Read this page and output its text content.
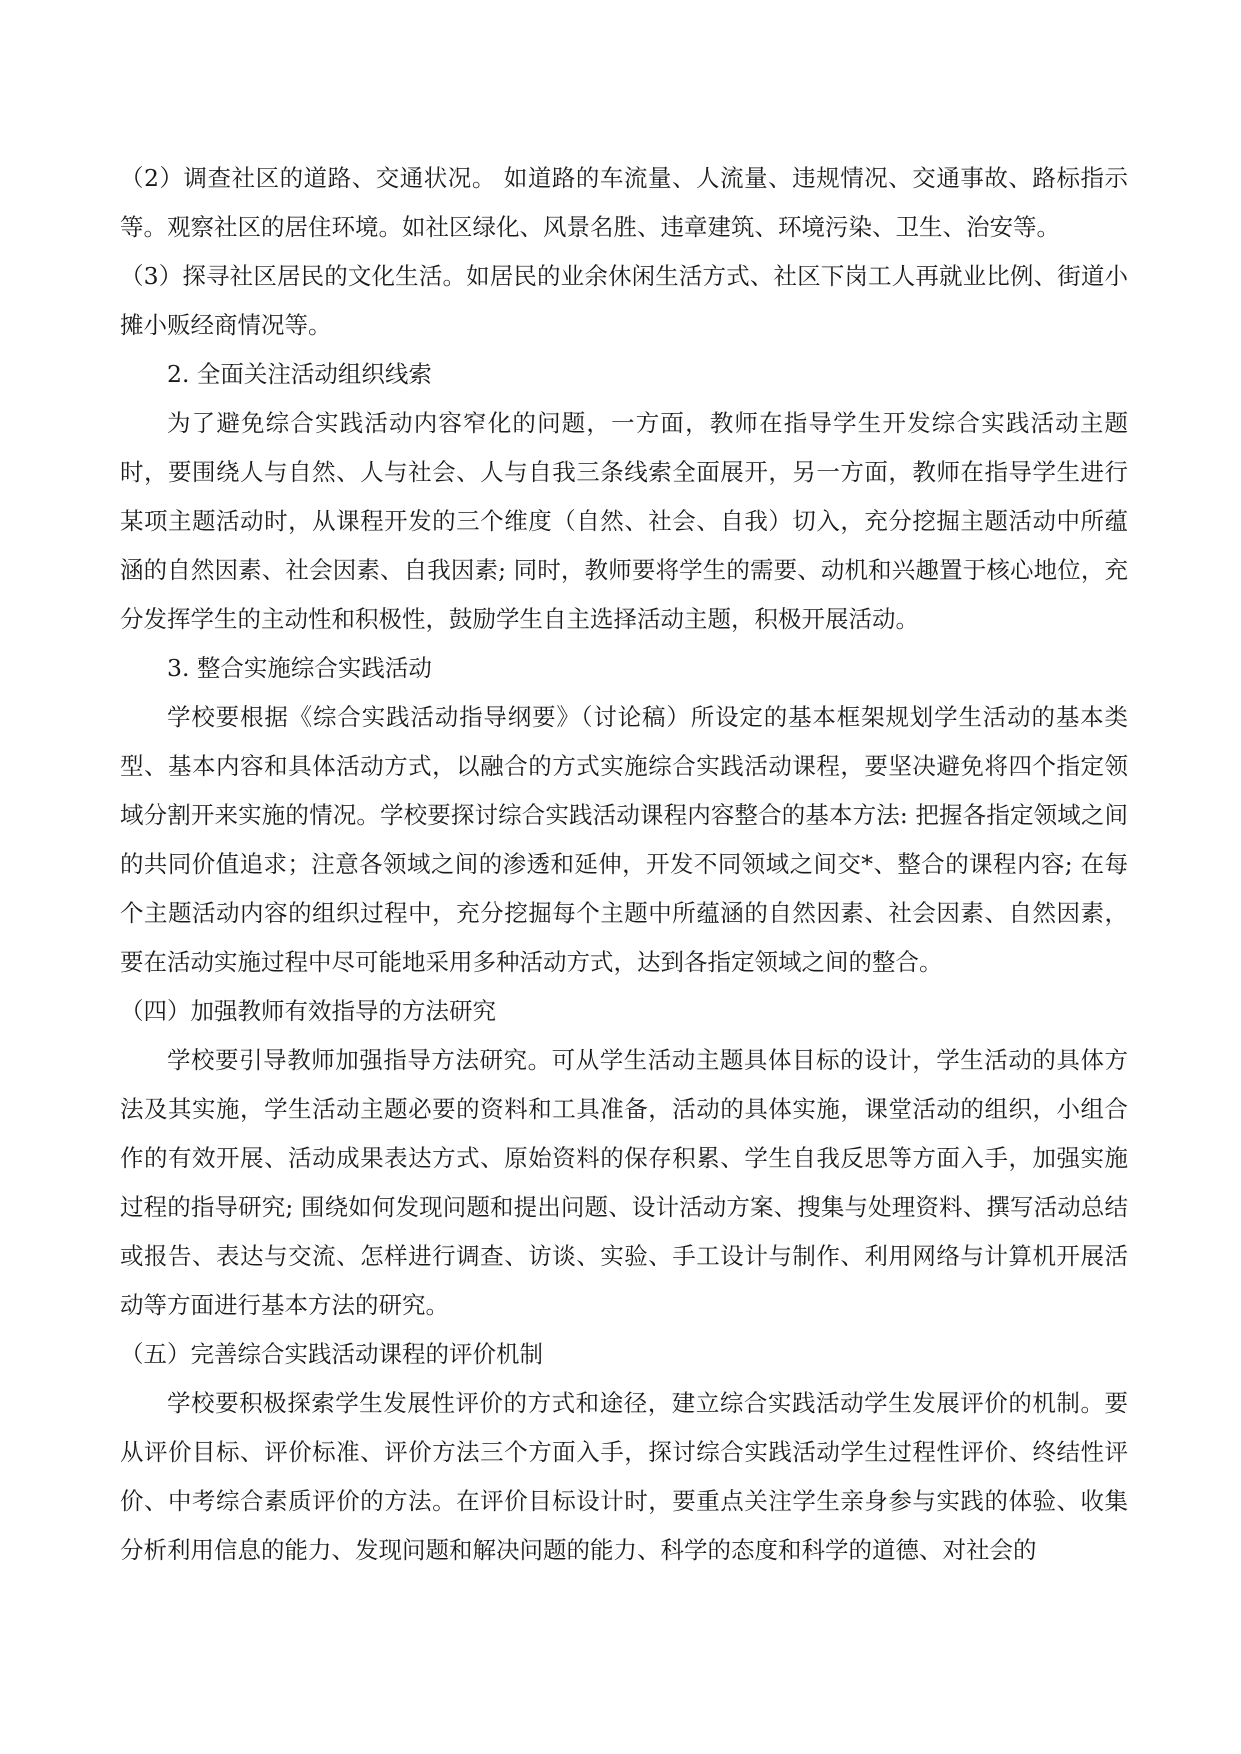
（2）调查社区的道路、交通状况。 如道路的车流量、人流量、违规情况、交通事故、路标指示等。观察社区的居住环境。如社区绿化、风景名胜、违章建筑、环境污染、卫生、治安等。

（3）探寻社区居民的文化生活。如居民的业余休闲生活方式、社区下岗工人再就业比例、街道小摊小贩经商情况等。

2. 全面关注活动组织线索

为了避免综合实践活动内容窄化的问题，一方面，教师在指导学生开发综合实践活动主题时，要围绕人与自然、人与社会、人与自我三条线索全面展开，另一方面，教师在指导学生进行某项主题活动时，从课程开发的三个维度（自然、社会、自我）切入，充分挖掘主题活动中所蕴涵的自然因素、社会因素、自我因素; 同时，教师要将学生的需要、动机和兴趣置于核心地位，充分发挥学生的主动性和积极性，鼓励学生自主选择活动主题，积极开展活动。

3. 整合实施综合实践活动

学校要根据《综合实践活动指导纲要》（讨论稿）所设定的基本框架规划学生活动的基本类型、基本内容和具体活动方式，以融合的方式实施综合实践活动课程，要坚决避免将四个指定领域分割开来实施的情况。学校要探讨综合实践活动课程内容整合的基本方法: 把握各指定领域之间的共同价值追求；注意各领域之间的渗透和延伸，开发不同领域之间交*、整合的课程内容; 在每个主题活动内容的组织过程中，充分挖掘每个主题中所蕴涵的自然因素、社会因素、自然因素，要在活动实施过程中尽可能地采用多种活动方式，达到各指定领域之间的整合。

（四）加强教师有效指导的方法研究

学校要引导教师加强指导方法研究。可从学生活动主题具体目标的设计，学生活动的具体方法及其实施，学生活动主题必要的资料和工具准备，活动的具体实施，课堂活动的组织，小组合作的有效开展、活动成果表达方式、原始资料的保存积累、学生自我反思等方面入手，加强实施过程的指导研究; 围绕如何发现问题和提出问题、设计活动方案、搜集与处理资料、撰写活动总结或报告、表达与交流、怎样进行调查、访谈、实验、手工设计与制作、利用网络与计算机开展活动等方面进行基本方法的研究。

（五）完善综合实践活动课程的评价机制

学校要积极探索学生发展性评价的方式和途径，建立综合实践活动学生发展评价的机制。要从评价目标、评价标准、评价方法三个方面入手，探讨综合实践活动学生过程性评价、终结性评价、中考综合素质评价的方法。在评价目标设计时，要重点关注学生亲身参与实践的体验、收集分析利用信息的能力、发现问题和解决问题的能力、科学的态度和科学的道德、对社会的
